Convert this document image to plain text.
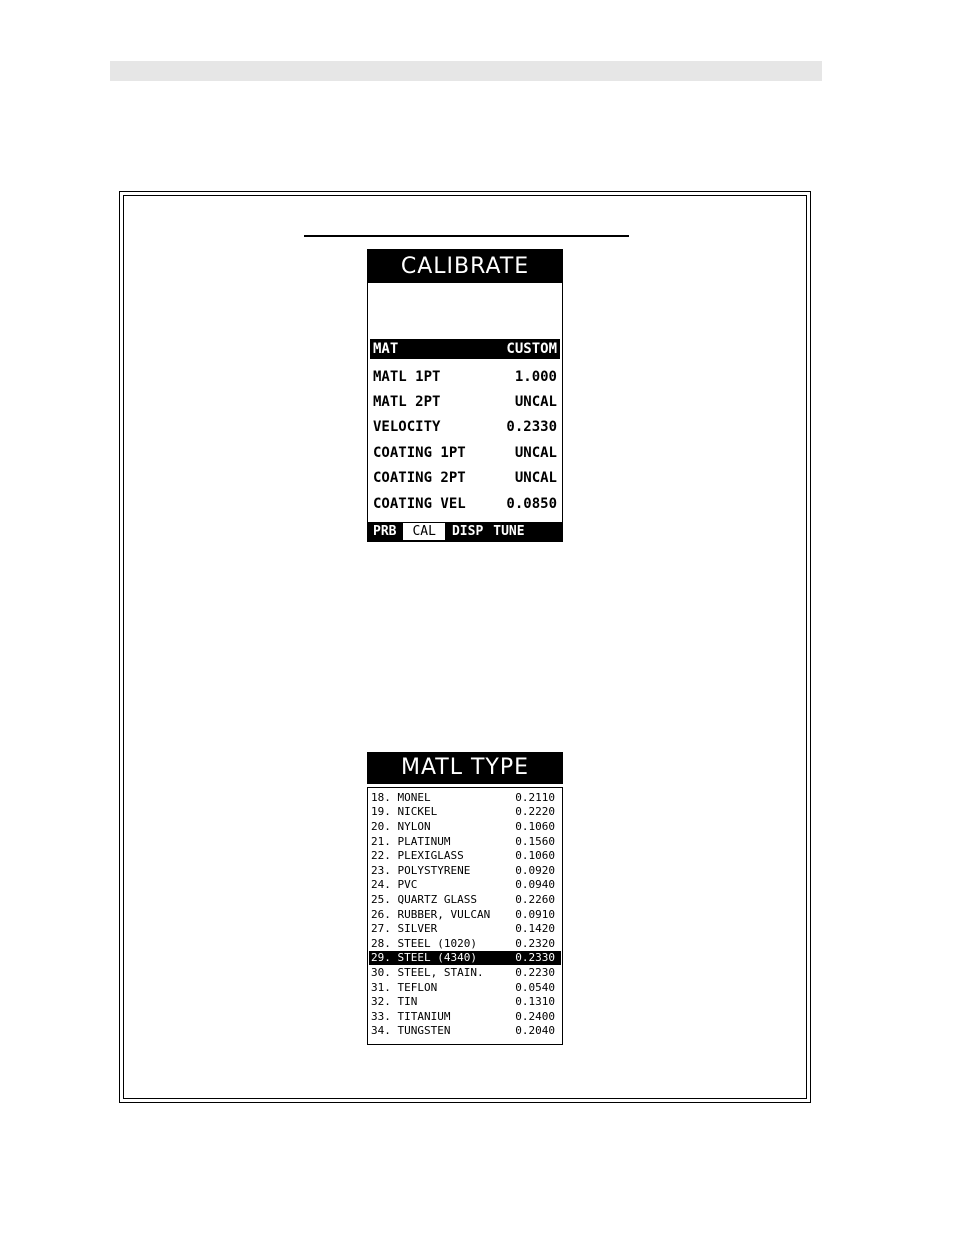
CALIBRATE
MAT	CUSTOM
MATL 1PT	1.000
MATL 2PT	UNCAL
VELOCITY	0.2330
COATING 1PT	UNCAL
COATING 2PT	UNCAL
COATING VEL	0.0850
PRB	CAL	DISP TUNE
MATL TYPE
18. MONEL	0.2110
19. NICKEL	0.2220
20. NYLON	0.1060
21. PLATINUM	0.1560
22. PLEXIGLASS	0.1060
23. POLYSTYRENE	0.0920
24. PVC	0.0940
25. QUARTZ GLASS	0.2260
26. RUBBER, VULCAN 0.0910
27. SILVER	0.1420
28. STEEL (1020)	0.2320
29. STEEL (4340)	0.2330
30. STEEL, STAIN.	0.2230
31. TEFLON	0.0540
32. TIN	0.1310
33. TITANIUM	0.2400
34. TUNGSTEN	0.2040
